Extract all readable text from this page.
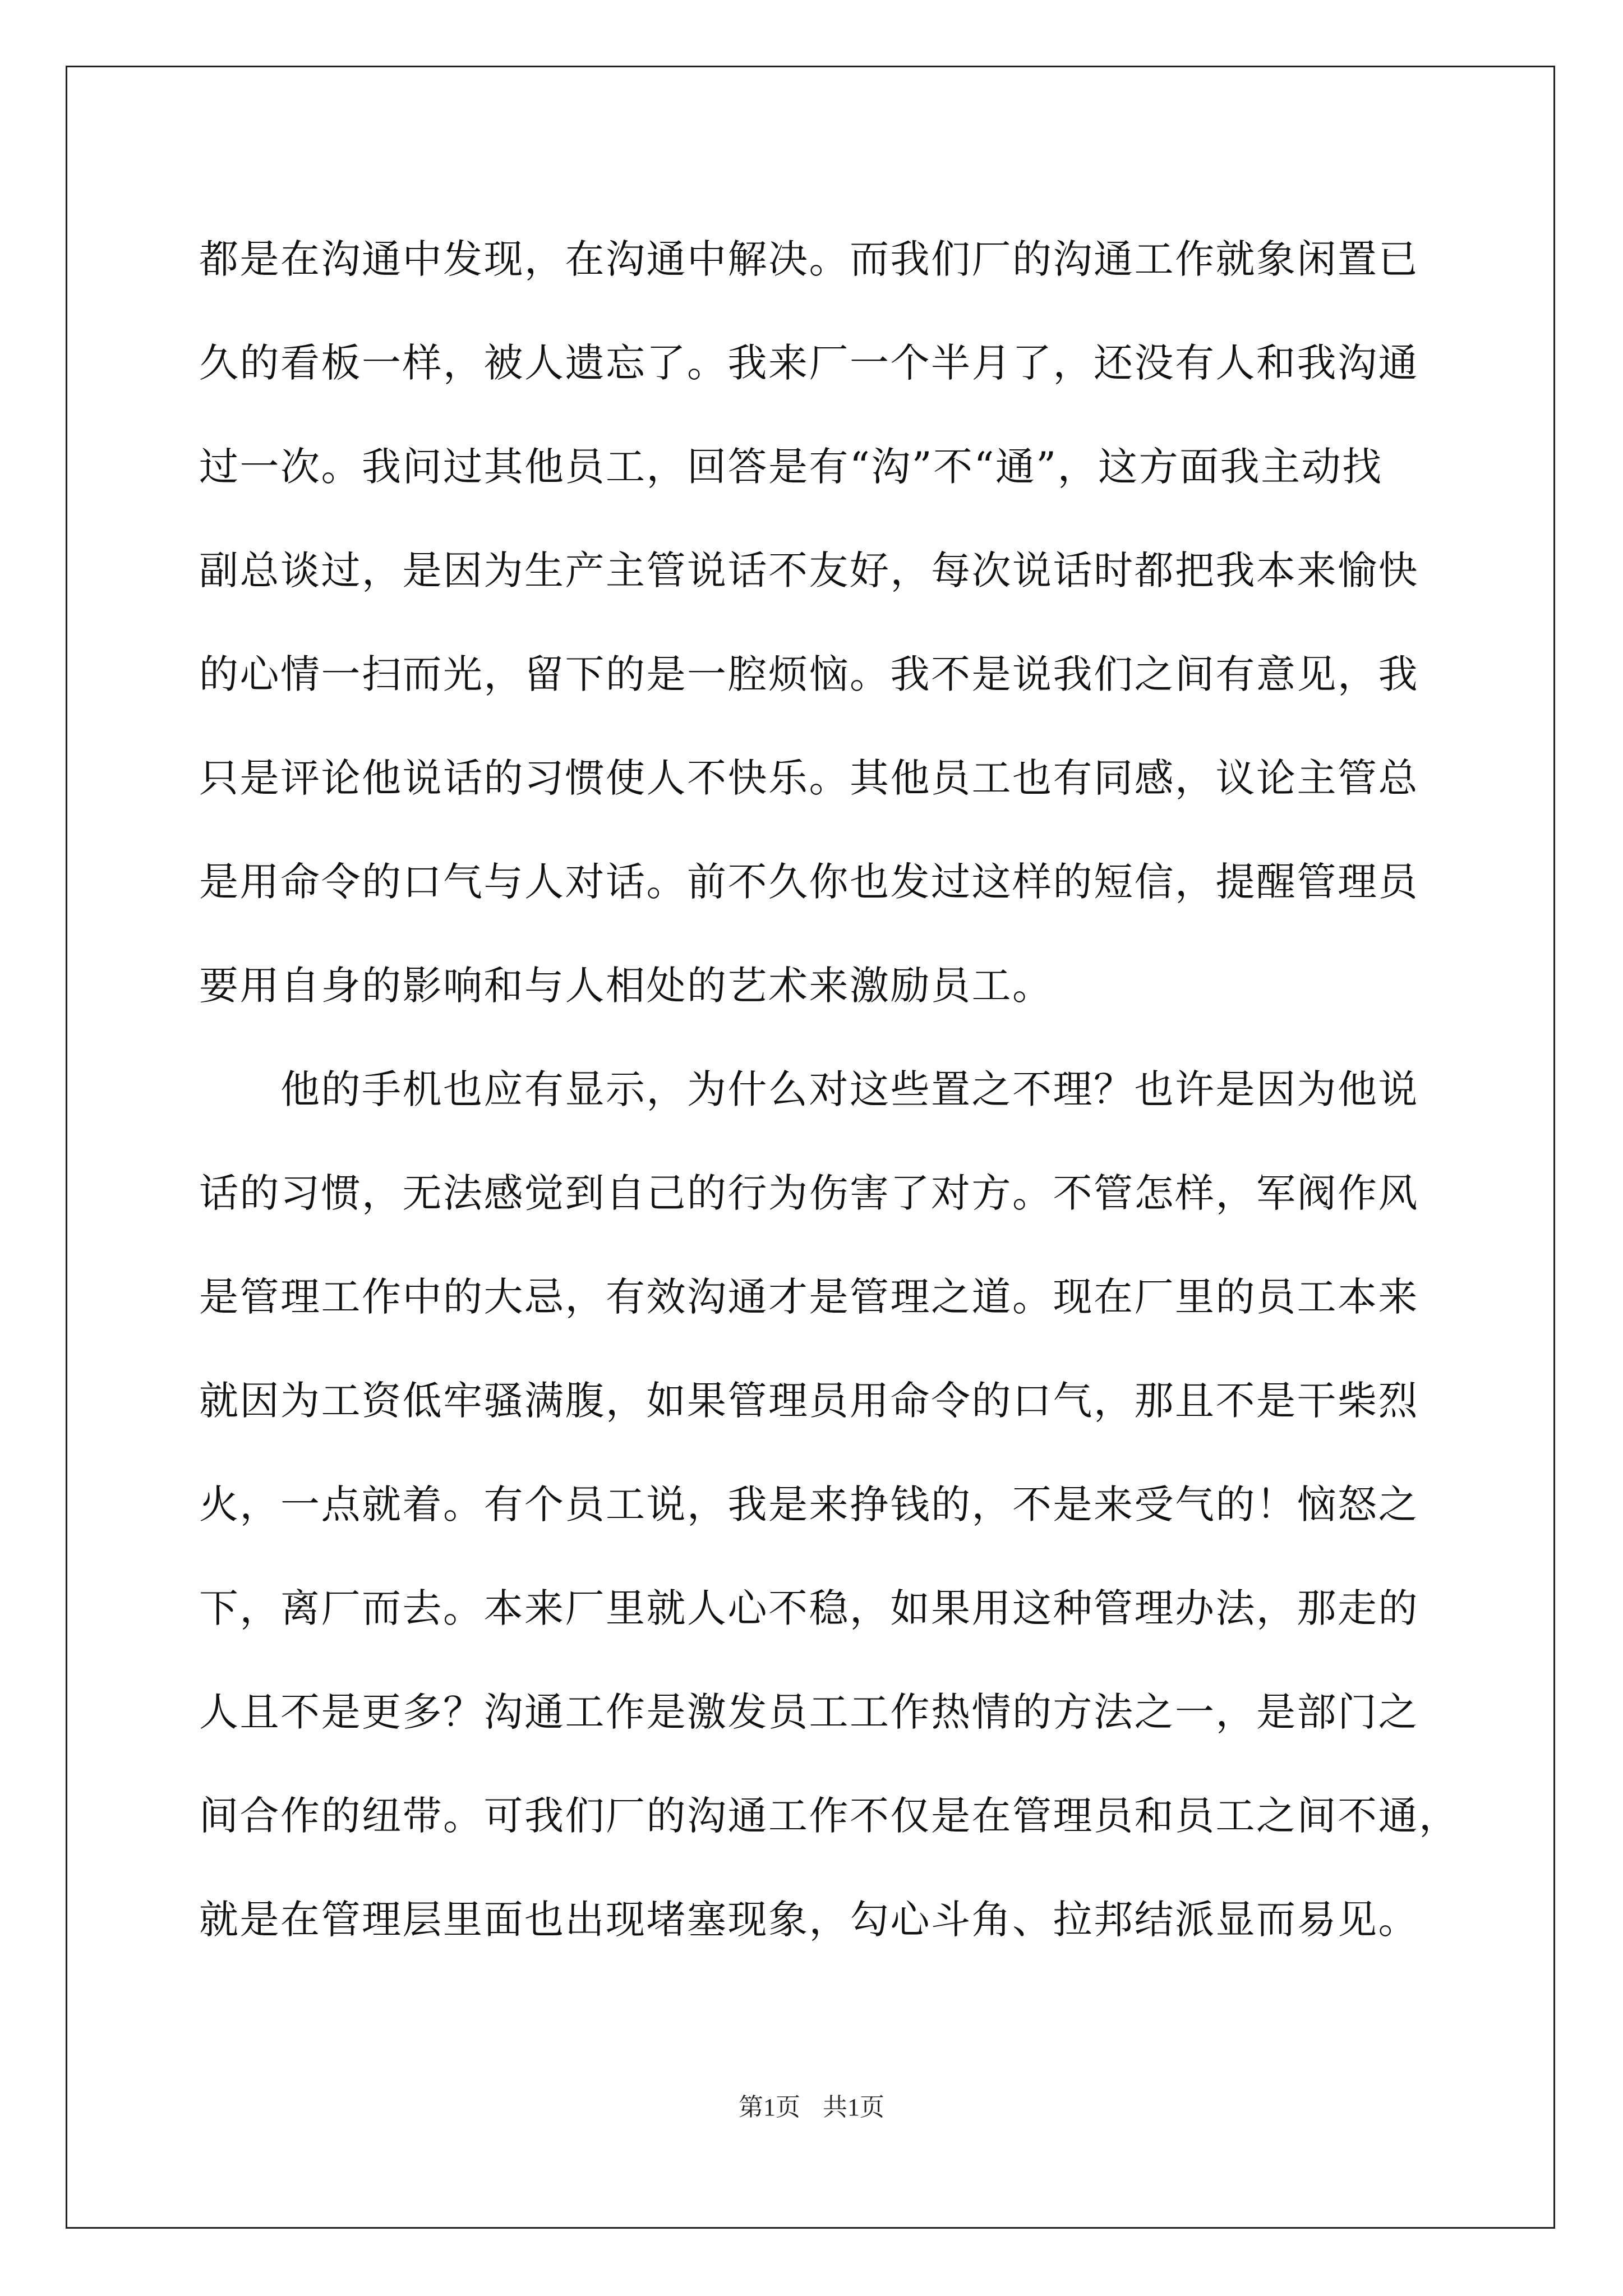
都是在沟通中发现，在沟通中解决。而我们厂的沟通工作就象闲置已
久的看板一样，被人遗忘了。我来厂一个半月了，还没有人和我沟通
过一次。我问过其他员工，回答是有“沟”不“通”，这方面我主动找
副总谈过，是因为生产主管说话不友好，每次说话时都把我本来愉快
的心情一扫而光，留下的是一腔烦恼。我不是说我们之间有意见，我
只是评论他说话的习惯使人不快乐。其他员工也有同感，议论主管总
是用命令的口气与人对话。前不久你也发过这样的短信，提醒管理员
要用自身的影响和与人相处的艺术来激励员工。
　　他的手机也应有显示，为什么对这些置之不理？也许是因为他说
话的习惯，无法感觉到自己的行为伤害了对方。不管怎样，军阀作风
是管理工作中的大忌，有效沟通才是管理之道。现在厂里的员工本来
就因为工资低牢骚满腹，如果管理员用命令的口气，那且不是干柴烈
火，一点就着。有个员工说，我是来挣钱的，不是来受气的！恼怒之
下，离厂而去。本来厂里就人心不稳，如果用这种管理办法，那走的
人且不是更多？沟通工作是激发员工工作热情的方法之一，是部门之
间合作的纽带。可我们厂的沟通工作不仅是在管理员和员工之间不通，
就是在管理层里面也出现堵塞现象，勾心斗角、拉邦结派显而易见。
第1页 共1页
